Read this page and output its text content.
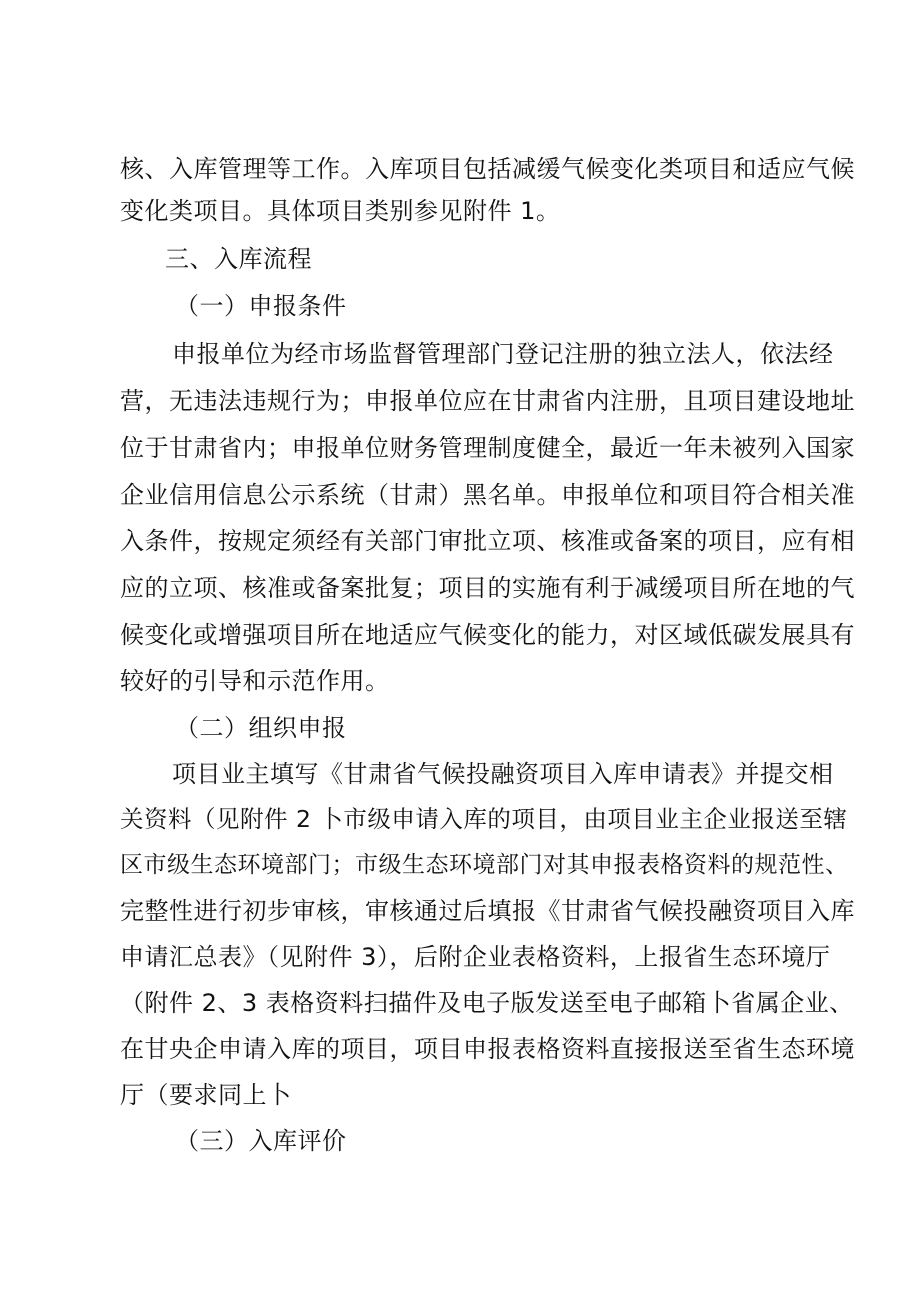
核、入库管理等工作。入库项目包括减缓气候变化类项目和适应气候
变化类项目。具体项目类别参见附件 1。
三、入库流程
（一）申报条件
申报单位为经市场监督管理部门登记注册的独立法人，依法经
营，无违法违规行为；申报单位应在甘肃省内注册，且项目建设地址
位于甘肃省内；申报单位财务管理制度健全，最近一年未被列入国家
企业信用信息公示系统（甘肃）黑名单。申报单位和项目符合相关准
入条件，按规定须经有关部门审批立项、核准或备案的项目，应有相
应的立项、核准或备案批复；项目的实施有利于减缓项目所在地的气
候变化或增强项目所在地适应气候变化的能力，对区域低碳发展具有
较好的引导和示范作用。
（二）组织申报
项目业主填写《甘肃省气候投融资项目入库申请表》并提交相
关资料（见附件 2 卜市级申请入库的项目，由项目业主企业报送至辖
区市级生态环境部门；市级生态环境部门对其申报表格资料的规范性、
完整性进行初步审核，审核通过后填报《甘肃省气候投融资项目入库
申请汇总表》（见附件 3），后附企业表格资料，上报省生态环境厅
（附件 2、3 表格资料扫描件及电子版发送至电子邮箱卜省属企业、
在甘央企申请入库的项目，项目申报表格资料直接报送至省生态环境
厅（要求同上卜
（三）入库评价
